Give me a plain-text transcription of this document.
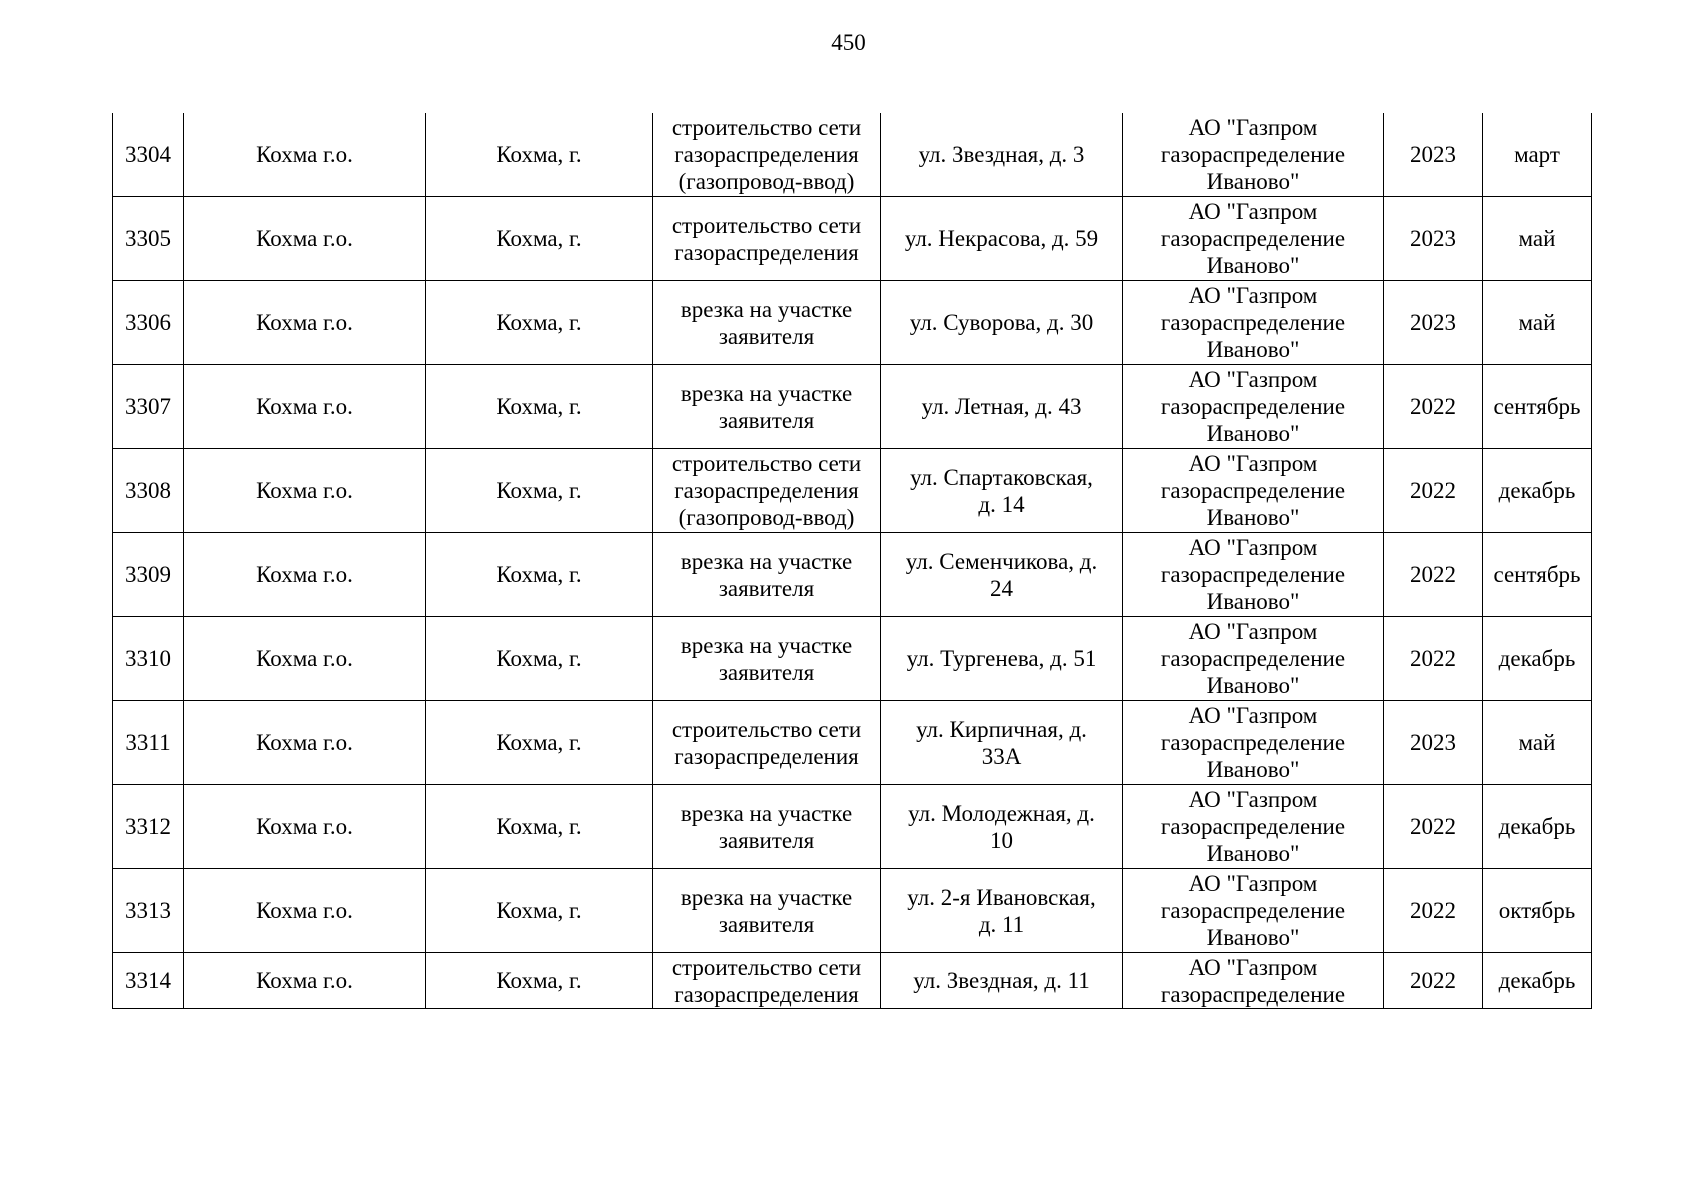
450
3304	Кохма г.о.	Кохма, г.	строительство сети
газораспределения
(газопровод-ввод)	ул. Звездная, д. 3	АО "Газпром
газораспределение
Иваново"	2023	март
3305	Кохма г.о.	Кохма, г.	строительство сети
газораспределения	ул. Некрасова, д. 59	АО "Газпром
газораспределение
Иваново"	2023	май
3306	Кохма г.о.	Кохма, г.	врезка на участке
заявителя	ул. Суворова, д. 30	АО "Газпром
газораспределение
Иваново"	2023	май
3307	Кохма г.о.	Кохма, г.	врезка на участке
заявителя	ул. Летная, д. 43	АО "Газпром
газораспределение
Иваново"	2022	сентябрь
3308	Кохма г.о.	Кохма, г.	строительство сети
газораспределения
(газопровод-ввод)	ул. Спартаковская,
д. 14	АО "Газпром
газораспределение
Иваново"	2022	декабрь
3309	Кохма г.о.	Кохма, г.	врезка на участке
заявителя	ул. Семенчикова, д.
24	АО "Газпром
газораспределение
Иваново"	2022	сентябрь
3310	Кохма г.о.	Кохма, г.	врезка на участке
заявителя	ул. Тургенева, д. 51	АО "Газпром
газораспределение
Иваново"	2022	декабрь
3311	Кохма г.о.	Кохма, г.	строительство сети
газораспределения	ул. Кирпичная, д.
33А	АО "Газпром
газораспределение
Иваново"	2023	май
3312	Кохма г.о.	Кохма, г.	врезка на участке
заявителя	ул. Молодежная, д.
10	АО "Газпром
газораспределение
Иваново"	2022	декабрь
3313	Кохма г.о.	Кохма, г.	врезка на участке
заявителя	ул. 2-я Ивановская,
д. 11	АО "Газпром
газораспределение
Иваново"	2022	октябрь
3314	Кохма г.о.	Кохма, г.	строительство сети
газораспределения	ул. Звездная, д. 11	АО "Газпром
газораспределение	2022	декабрь
